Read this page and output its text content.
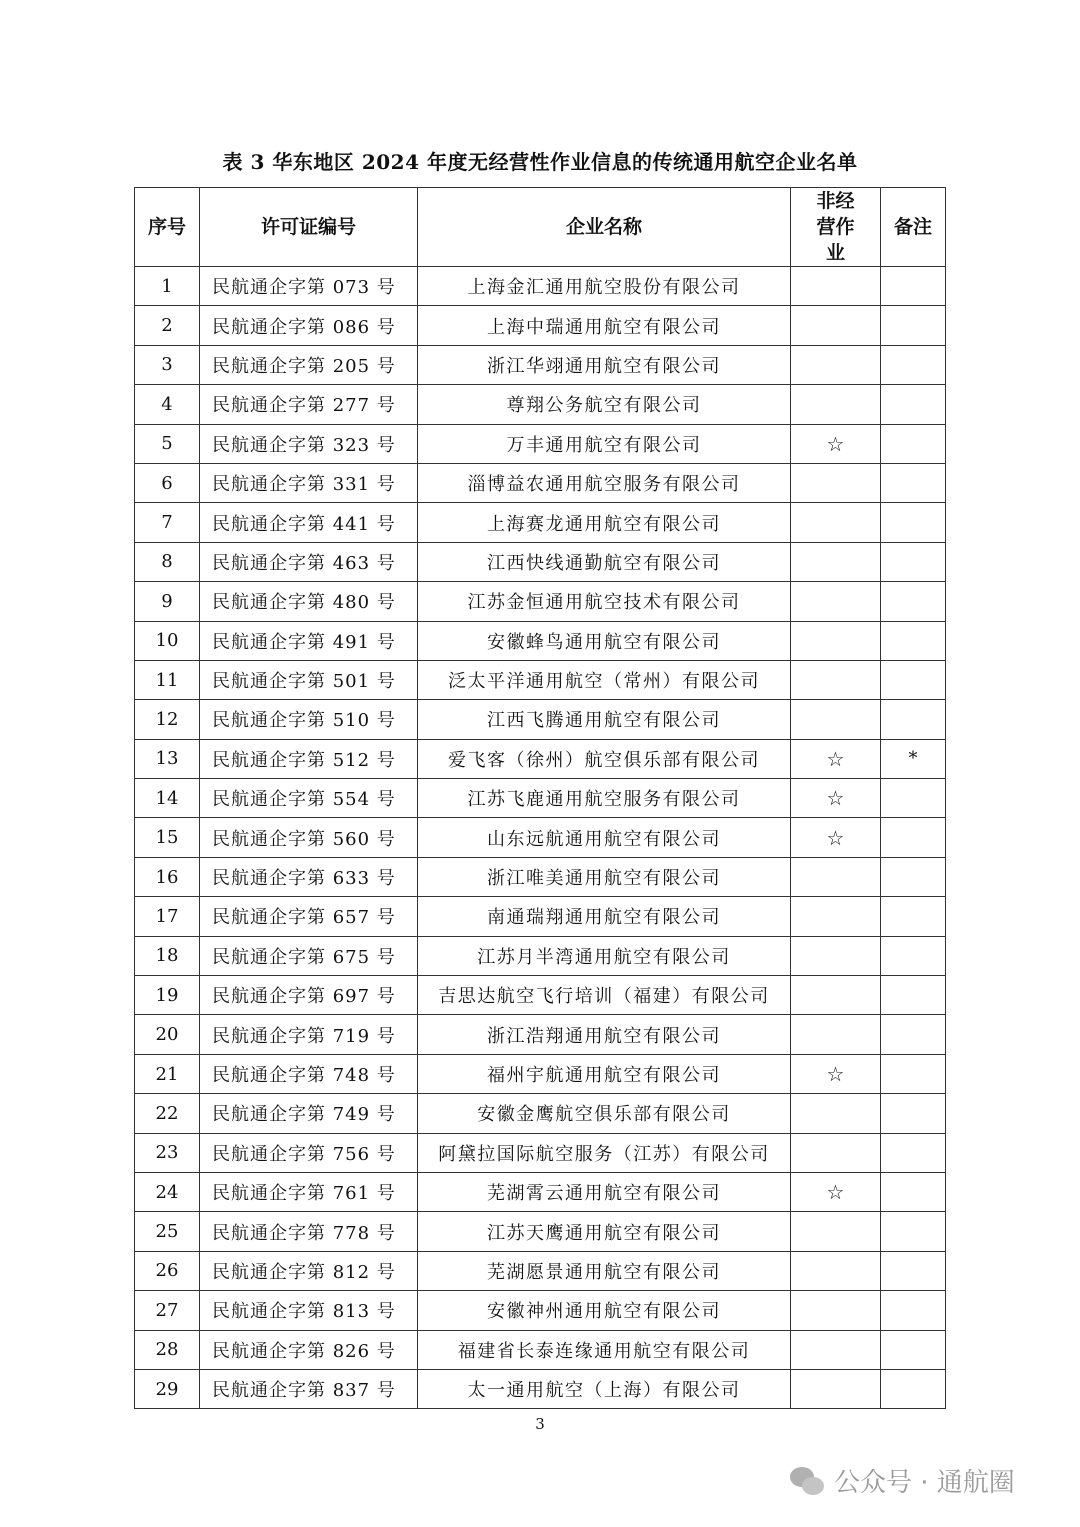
表 3 华东地区 2024 年度无经营性作业信息的传统通用航空企业名单
序号	许可证编号	企业名称	非经营作业	备注
1	民航通企字第 073 号	上海金汇通用航空股份有限公司		
2	民航通企字第 086 号	上海中瑞通用航空有限公司		
3	民航通企字第 205 号	浙江华翊通用航空有限公司		
4	民航通企字第 277 号	尊翔公务航空有限公司		
5	民航通企字第 323 号	万丰通用航空有限公司	☆	
6	民航通企字第 331 号	淄博益农通用航空服务有限公司		
7	民航通企字第 441 号	上海赛龙通用航空有限公司		
8	民航通企字第 463 号	江西快线通勤航空有限公司		
9	民航通企字第 480 号	江苏金恒通用航空技术有限公司		
10	民航通企字第 491 号	安徽蜂鸟通用航空有限公司		
11	民航通企字第 501 号	泛太平洋通用航空（常州）有限公司		
12	民航通企字第 510 号	江西飞腾通用航空有限公司		
13	民航通企字第 512 号	爱飞客（徐州）航空俱乐部有限公司	☆	*
14	民航通企字第 554 号	江苏飞鹿通用航空服务有限公司	☆	
15	民航通企字第 560 号	山东远航通用航空有限公司	☆	
16	民航通企字第 633 号	浙江唯美通用航空有限公司		
17	民航通企字第 657 号	南通瑞翔通用航空有限公司		
18	民航通企字第 675 号	江苏月半湾通用航空有限公司		
19	民航通企字第 697 号	吉思达航空飞行培训（福建）有限公司		
20	民航通企字第 719 号	浙江浩翔通用航空有限公司		
21	民航通企字第 748 号	福州宇航通用航空有限公司	☆	
22	民航通企字第 749 号	安徽金鹰航空俱乐部有限公司		
23	民航通企字第 756 号	阿黛拉国际航空服务（江苏）有限公司		
24	民航通企字第 761 号	芜湖霄云通用航空有限公司	☆	
25	民航通企字第 778 号	江苏天鹰通用航空有限公司		
26	民航通企字第 812 号	芜湖愿景通用航空有限公司		
27	民航通企字第 813 号	安徽神州通用航空有限公司		
28	民航通企字第 826 号	福建省长泰连缘通用航空有限公司		
29	民航通企字第 837 号	太一通用航空（上海）有限公司		
3
公众号 · 通航圈
